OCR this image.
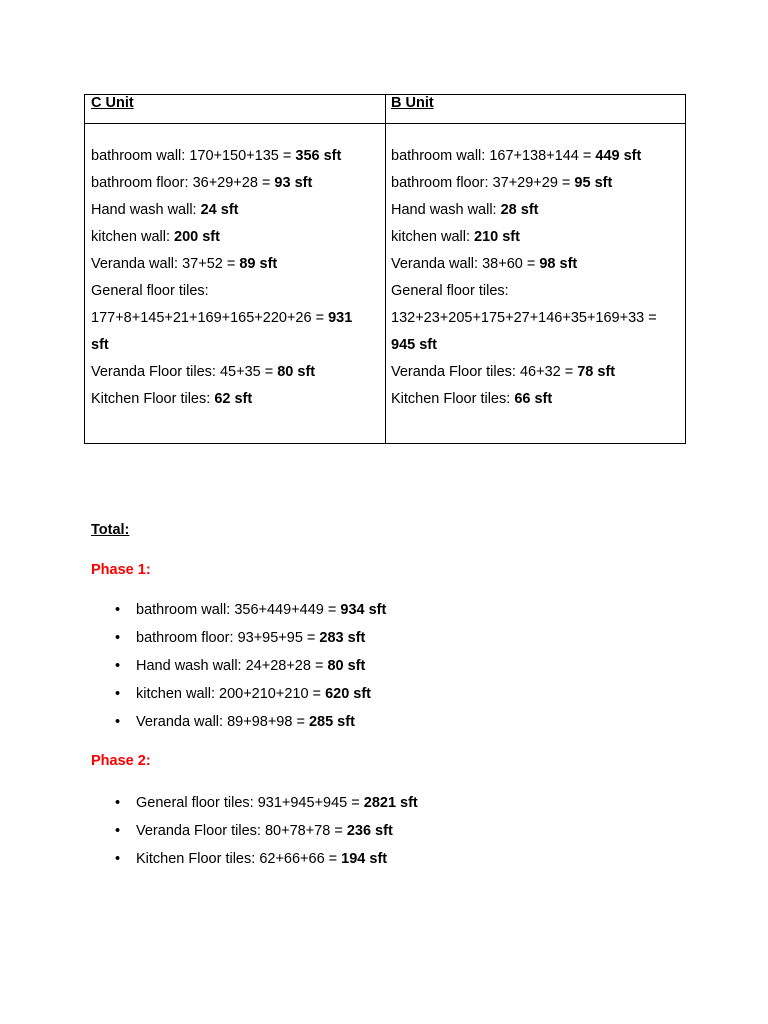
C Unit	B Unit
bathroom wall: 170+150+135 = 356 sft
bathroom floor: 36+29+28 = 93 sft
Hand wash wall: 24 sft
kitchen wall: 200 sft
Veranda wall: 37+52 = 89 sft
General floor tiles:
177+8+145+21+169+165+220+26 = 931
sft
Veranda Floor tiles: 45+35 = 80 sft
Kitchen Floor tiles: 62 sft
bathroom wall: 167+138+144 = 449 sft
bathroom floor: 37+29+29 = 95 sft
Hand wash wall: 28 sft
kitchen wall: 210 sft
Veranda wall: 38+60 = 98 sft
General floor tiles:
132+23+205+175+27+146+35+169+33 =
945 sft
Veranda Floor tiles: 46+32 = 78 sft
Kitchen Floor tiles: 66 sft
Total:
Phase 1:
• bathroom wall: 356+449+449 = 934 sft
• bathroom floor: 93+95+95 = 283 sft
• Hand wash wall: 24+28+28 = 80 sft
• kitchen wall: 200+210+210 = 620 sft
• Veranda wall: 89+98+98 = 285 sft
Phase 2:
• General floor tiles: 931+945+945 = 2821 sft
• Veranda Floor tiles: 80+78+78 = 236 sft
• Kitchen Floor tiles: 62+66+66 = 194 sft
